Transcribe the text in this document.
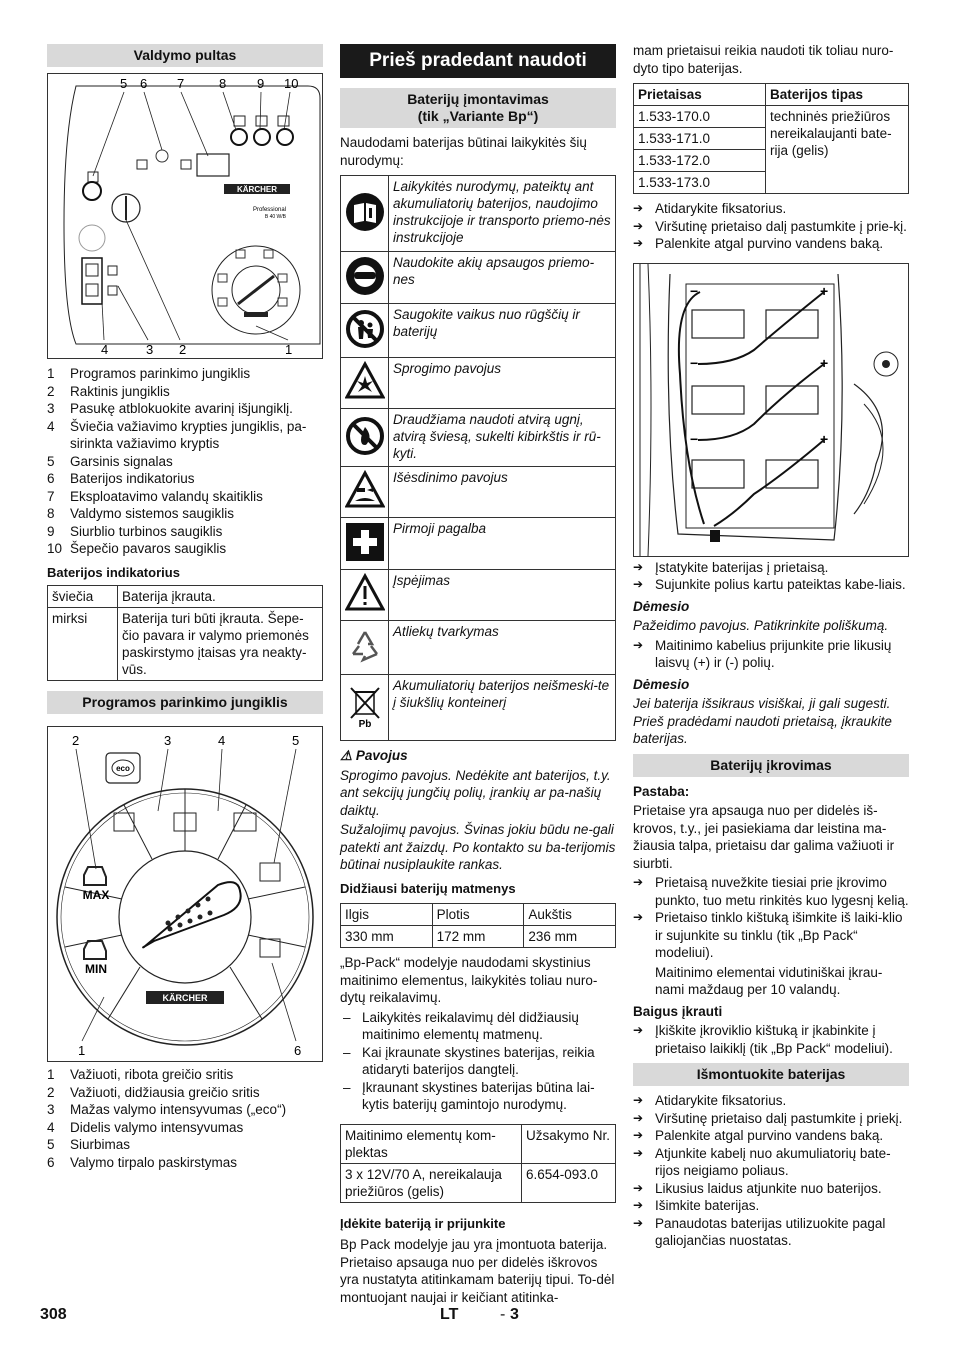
Valdymo pultas
5 6 7	8 9 10
KÄRCHER
Professional
B 40 W/B
4	3 2	1
1	Programos parinkimo jungiklis
2	Raktinis jungiklis
3	Pasukę atblokuokite avarinį išjungiklį.
4	Šviečia važiavimo krypties jungiklis, pa-sirinkta važiavimo kryptis
5	Garsinis signalas
6	Baterijos indikatorius
7	Eksploatavimo valandų skaitiklis
8	Valdymo sistemos saugiklis
9	Siurblio turbinos saugiklis
10 Šepečio pavaros saugiklis
Baterijos indikatorius
šviečia	Baterija įkrauta.
mirksi	Baterija turi būti įkrauta. Šepe-čio pavara ir valymo priemonės paskirstymo įtaisas yra neakty-vūs.
Programos parinkimo jungiklis
2	3	4	5
eco
MAX
MIN
KÄRCHER
1	6
1	Važiuoti, ribota greičio sritis
2	Važiuoti, didžiausia greičio sritis
3	Mažas valymo intensyvumas („eco“)
4	Didelis valymo intensyvumas
5	Siurbimas
6	Valymo tirpalo paskirstymas
Prieš pradedant naudoti
Baterijų įmontavimas
(tik „Variante Bp“)

Naudodami baterijas būtinai laikykitės šių nurodymų:

	Laikykitės nurodymų, pateiktų ant akumuliatorių baterijos, naudojimo instrukcijoje ir transporto priemo-nės instrukcijoje
	Naudokite akių apsaugos priemo-nes
	Saugokite vaikus nuo rūgščių ir baterijų
	Sprogimo pavojus
	Draudžiama naudoti atvirą ugnį, atvirą šviesą, sukelti kibirkštis ir rū-kyti.
	Išėsdinimo pavojus
	Pirmoji pagalba
	Įspėjimas
	Atliekų tvarkymas

Pb	Akumuliatorių baterijos neišmeski-te į šiukšlių konteinerį

⚠ Pavojus

Sprogimo pavojus. Nedėkite ant baterijos, t.y. ant sekcijų jungčių polių, įrankių ar pa-našių daiktų.

Sužalojimų pavojus. Švinas jokiu būdu ne-gali patekti ant žaizdų. Po kontakto su ba-terijomis būtinai nusiplaukite rankas.

Didžiausi baterijų matmenys
Ilgis	Plotis	Aukštis
330 mm	172 mm	236 mm

„Bp-Pack“ modelyje naudodami skystinius maitinimo elementus, laikykitės toliau nuro-dytų reikalavimų.

– Laikykitės reikalavimų dėl didžiausių maitinimo elementų matmenų.
– Kai įkraunate skystines baterijas, reikia atidaryti baterijos dangtelį.
– Įkraunant skystines baterijas būtina lai-kytis baterijų gamintojo nurodymų.
Maitinimo elementų kom-plektas	Užsakymo Nr.
3 x 12V/70 A, nereikalauja priežiūros (gelis)	6.654-093.0
Įdėkite bateriją ir prijunkite

Bp Pack modelyje jau yra įmontuota baterija. Prietaiso apsauga nuo per didelės iškrovos yra nustatyta atitinkamam baterijų tipui. To-dėl montuojant naujai ir keičiant atitinka-

mam prietaisui reikia naudoti tik toliau nuro-dyto tipo baterijas.

Prietaisas	Baterijos tipas
1.533-170.0	techninės priežiūros nereikalaujanti bate-rija (gelis)
1.533-171.0	
1.533-172.0	
1.533-173.0	
➔ Atidarykite fiksatorius.
➔ Viršutinę prietaiso dalį pastumkite į prie-kį.
➔ Palenkite atgal purvino vandens baką.
−	+
−	+
−	+
➔ Įstatykite baterijas į prietaisą.
➔ Sujunkite polius kartu pateiktas kabe-liais.

Dėmesio

Pažeidimo pavojus. Patikrinkite poliškumą.

➔ Maitinimo kabelius prijunkite prie likusių laisvų (+) ir (-) polių.

Dėmesio

Jei baterija išsikraus visiškai, ji gali sugesti. Prieš pradėdami naudoti prietaisą, įkraukite baterijas.

Baterijų įkrovimas

Pastaba:

Prietaise yra apsauga nuo per didelės iš-krovos, t.y., jei pasiekiama dar leistina ma-žiausia talpa, prietaisu dar galima važiuoti ir siurbti.

➔ Prietaisą nuvežkite tiesiai prie įkrovimo punkto, tuo metu rinkitės kuo lygesnį kelią.
➔ Prietaiso tinklo kištuką išimkite iš laiki-klio ir sujunkite su tinklu (tik „Bp Pack“ modeliui).

Maitinimo elementai vidutiniškai įkrau-nami maždaug per 10 valandų.

Baigus įkrauti

➔ Įkiškite įkroviklio kištuką ir įkabinkite į prietaiso laikiklį (tik „Bp Pack“ modeliui).
Išmontuokite baterijas
➔ Atidarykite fiksatorius.
➔ Viršutinę prietaiso dalį pastumkite į priekį.
➔ Palenkite atgal purvino vandens baką.
➔ Atjunkite kabelį nuo akumuliatorių bate-rijos neigiamo poliaus.
➔ Likusius laidus atjunkite nuo baterijos.
➔ Išimkite baterijas.
➔ Panaudotas baterijas utilizuokite pagal galiojančias nuostatas.
308	LT	- 3
